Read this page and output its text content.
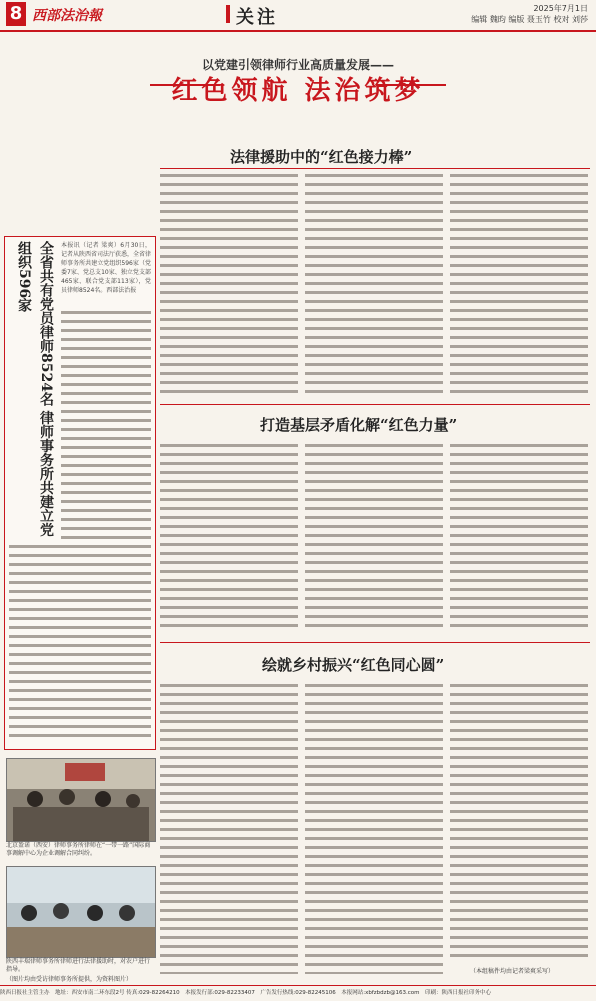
8 西部法治報	关注	2025年7月1日
编辑 魏昀 编版 聂玉竹 校对 刘莎
以党建引领律师行业高质量发展——
红色领航 法治筑梦
法律援助中的“红色接力棒”
全省共有党员律师8524名 律师事务所共建立党组织596家	本报讯（记者 梁爽）6月30日，记者从陕西省司法厅获悉，全省律师事务所共建立党组织596家（党委7家、党总支10家、独立党支部465家、联合党支部113家），党员律师8524名。西部法治报
打造基层矛盾化解“红色力量”
绘就乡村振兴“红色同心圆”
北京盈诺（西安）律师事务所律师在“一带一路”国际商事调解中心为企业调解合同纠纷。
陕西丰瑞律师事务所律师进行法律援助时，对农户进行指导。
（图片均由受访律师事务所提供，为资料图片）
（本组稿件均由记者梁爽采写）
陕西日报社主管主办　地址：西安市南二环东段2号 传真:029-82264210　本报发行部:029-82233407　广告发行热线:029-82245106　本报网站:xbfzbdzb@163.com　印刷：陕西日报社印务中心
